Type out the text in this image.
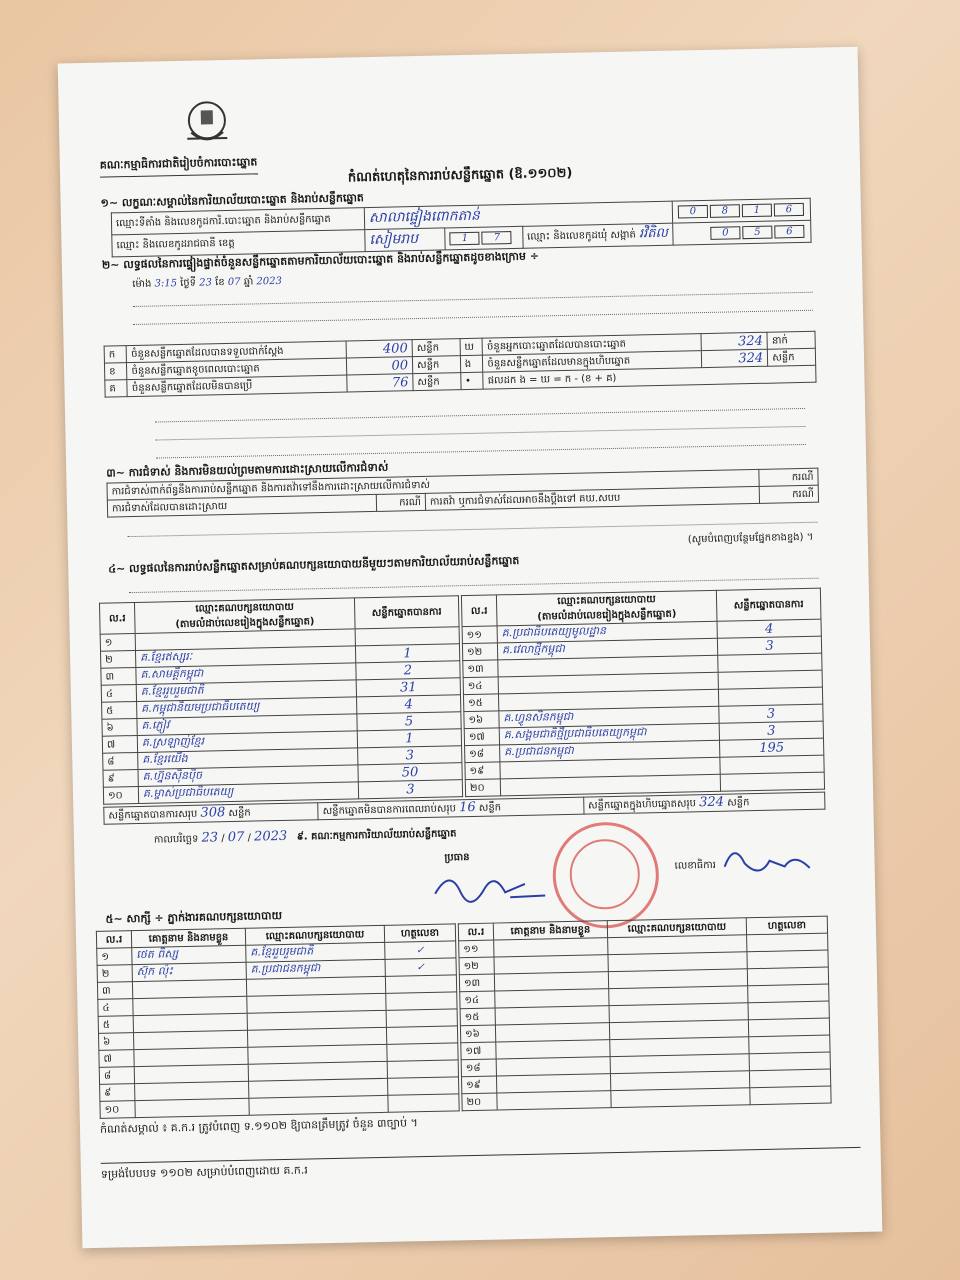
គណៈកម្មាធិការជាតិរៀបចំការបោះឆ្នោត
កំណត់ហេតុនៃការរាប់សន្លឹកឆ្នោត (ឱ.១១០២)
១~ លក្ខណៈសម្គាល់នៃការិយាល័យបោះឆ្នោត និងរាប់សន្លឹកឆ្នោត
ឈ្មោះទីតាំង និងលេខកូដការិ.បោះឆ្នោត និងរាប់សន្លឹកឆ្នោត	សាលាផ្ទៀងពោកតាន់			0 8 1 6
ឈ្មោះ និងលេខកូដរាជធានី ខេត្ត	សៀមរាប	1 7	ឈ្មោះ និងលេខកូដឃុំ សង្កាត់ រវិតិល	0 5 6
២~ លទ្ធផលនៃការផ្ទៀងផ្ទាត់ចំនួនសន្លឹកឆ្នោតតាមការិយាល័យបោះឆ្នោត និងរាប់សន្លឹកឆ្នោតដូចខាងក្រោម ÷
ម៉ោង 3:15 ថ្ងៃទី 23 ខែ 07 ឆ្នាំ 2023
ក	ចំនួនសន្លឹកឆ្នោតដែលបានទទួលជាក់ស្តែង	400	សន្លឹក	ឃ	ចំនួនអ្នកបោះឆ្នោតដែលបានបោះឆ្នោត	324	នាក់
ខ	ចំនួនសន្លឹកឆ្នោតខូចពេលបោះឆ្នោត	00	សន្លឹក	ង	ចំនួនសន្លឹកឆ្នោតដែលមានក្នុងហិបឆ្នោត	324	សន្លឹក
គ	ចំនួនសន្លឹកឆ្នោតដែលមិនបានប្រើ	76	សន្លឹក	•	ផលដក ង = ឃ = ក - (ខ + គ)		
៣~ ការជំទាស់ និងការមិនយល់ព្រមតាមការដោះស្រាយលើការជំទាស់
ការជំទាស់ពាក់ព័ន្ធនឹងការរាប់សន្លឹកឆ្នោត និងការតវ៉ាទៅនឹងការដោះស្រាយលើការជំទាស់			ករណី
ការជំទាស់ដែលបានដោះស្រាយ	ករណី	ការតវ៉ា ឬការជំទាស់ដែលអាចនឹងប្តឹងទៅ គឃ.សបប	ករណី
(សូមបំពេញបន្ថែមផ្នែកខាងខ្នង) ។
៤~ លទ្ធផលនៃការរាប់សន្លឹកឆ្នោតសម្រាប់គណបក្សនយោបាយនីមួយៗតាមការិយាល័យរាប់សន្លឹកឆ្នោត
ល.រ	ឈ្មោះគណបក្សនយោបាយ
(តាមលំដាប់លេខរៀងក្នុងសន្លឹកឆ្នោត)	សន្លឹកឆ្នោតបានការ
១		
២	គ.ខ្មែរឥស្សរៈ	1
៣	គ.សាមគ្គីកម្ពុជា	2
៤	គ.ខ្មែររួបរួមជាតិ	31
៥	គ.កម្ពុជានិយមប្រជាធិបតេយ្យ	4
៦	គ.ភ្ញៀវ	5
៧	គ.ស្រឡាញ់ខ្មែរ	1
៨	គ.ខ្មែរយើង	3
៩	គ.ហ្វ៊ុនស៊ិនប៉ិច	50
១០	គ.ម្ចាស់ប្រជាធិបតេយ្យ	3
ល.រ	ឈ្មោះគណបក្សនយោបាយ
(តាមលំដាប់លេខរៀងក្នុងសន្លឹកឆ្នោត)	សន្លឹកឆ្នោតបានការ
១១	គ.ប្រជាធិបតេយ្យមូលដ្ឋាន	4
១២	គ.វេលាថ្មីកម្ពុជា	3
១៣		
១៤		
១៥		
១៦	គ.ហ្វូនសិនកម្ពុជា	3
១៧	គ.សង្គមជាតិថ្មីប្រជាធិបតេយ្យកម្ពុជា	3
១៨	គ.ប្រជាជនកម្ពុជា	195
១៩		
២០		
សន្លឹកឆ្នោតបានការសរុប 308 សន្លឹក	សន្លឹកឆ្នោតមិនបានការពេលរាប់សរុប 16 សន្លឹក	សន្លឹកឆ្នោតក្នុងហិបឆ្នោតសរុប 324 សន្លឹក
កាលបរិច្ឆេទ 23 / 07 / 2023 ៩. គណៈកម្មការការិយាល័យរាប់សន្លឹកឆ្នោត
ប្រធាន
លេខាធិការ
៥~ សាក្សី ÷ ភ្នាក់ងារគណបក្សនយោបាយ
ល.រ	គោត្តនាម និងនាមខ្លួន	ឈ្មោះគណបក្សនយោបាយ	ហត្ថលេខា
១	ថេត ពិស្ស	គ.ខ្មែររួបរួមជាតិ	✓
២	ស៊ុក ល៉ុះ	គ.ប្រជាជនកម្ពុជា	✓
៣			
៤			
៥			
៦			
៧			
៨			
៩			
១០			
ល.រ	គោត្តនាម និងនាមខ្លួន	ឈ្មោះគណបក្សនយោបាយ	ហត្ថលេខា
១១			
១២			
១៣			
១៤			
១៥			
១៦			
១៧			
១៨			
១៩			
២០			
កំណត់សម្គាល់ ៖ គ.ក.រ ត្រូវបំពេញ ទ.១១០២ ឱ្យបានត្រឹមត្រូវ ចំនួន ៣ច្បាប់ ។
ទម្រង់បែបបទ ១១០២ សម្រាប់បំពេញដោយ គ.ក.រ
